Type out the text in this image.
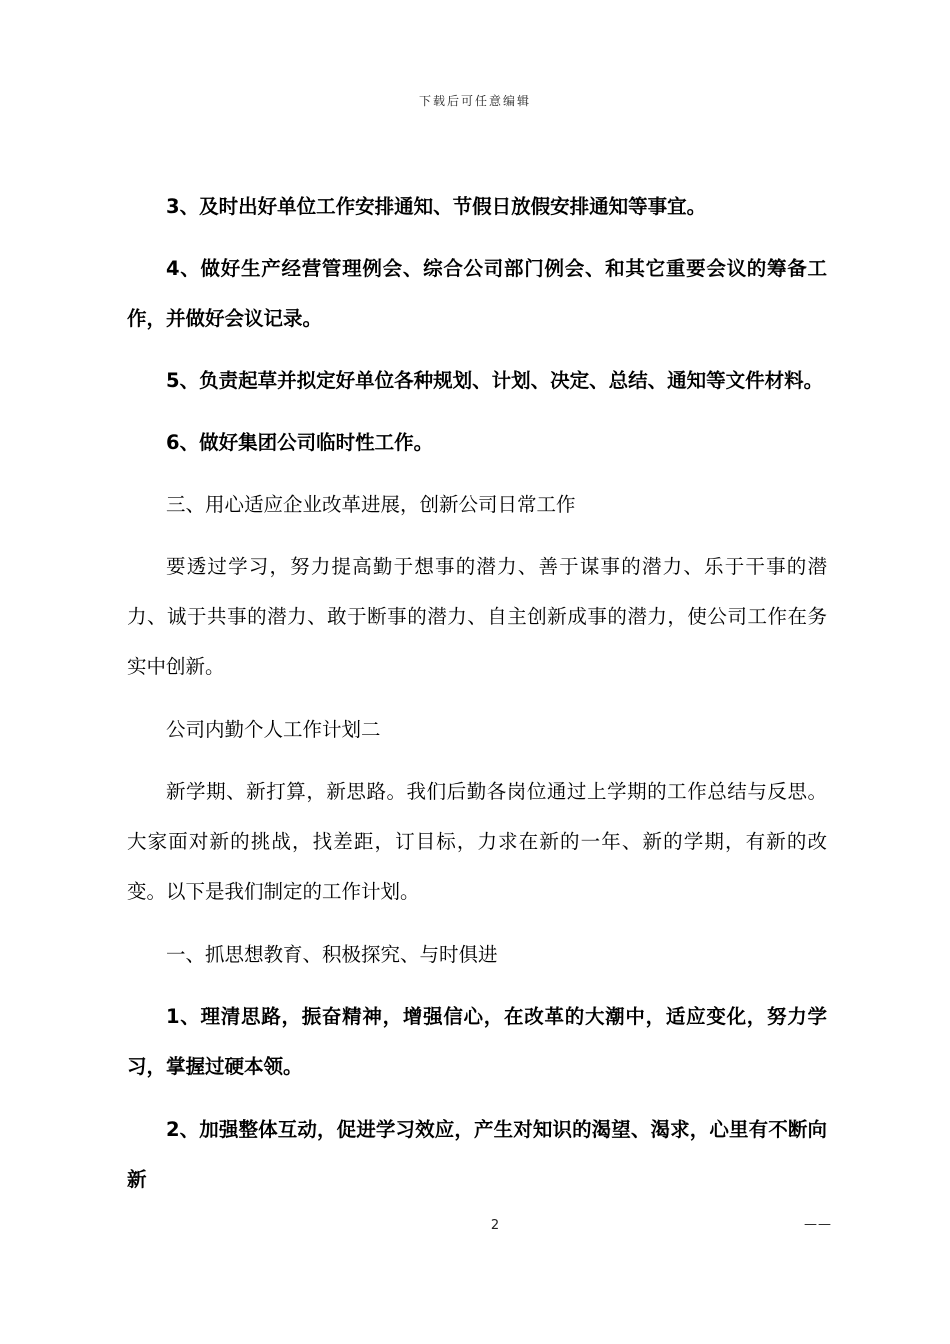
下载后可任意编辑

3、及时出好单位工作安排通知、节假日放假安排通知等事宜。

4、做好生产经营管理例会、综合公司部门例会、和其它重要会议的筹备工作，并做好会议记录。

5、负责起草并拟定好单位各种规划、计划、决定、总结、通知等文件材料。

6、做好集团公司临时性工作。

三、用心适应企业改革进展，创新公司日常工作

要透过学习，努力提高勤于想事的潜力、善于谋事的潜力、乐于干事的潜力、诚于共事的潜力、敢于断事的潜力、自主创新成事的潜力，使公司工作在务实中创新。

公司内勤个人工作计划二

新学期、新打算，新思路。我们后勤各岗位通过上学期的工作总结与反思。大家面对新的挑战，找差距，订目标，力求在新的一年、新的学期，有新的改变。以下是我们制定的工作计划。

一、抓思想教育、积极探究、与时俱进

1、理清思路，振奋精神，增强信心，在改革的大潮中，适应变化，努力学习，掌握过硬本领。

2、加强整体互动，促进学习效应，产生对知识的渴望、渴求，心里有不断向新

2	——
